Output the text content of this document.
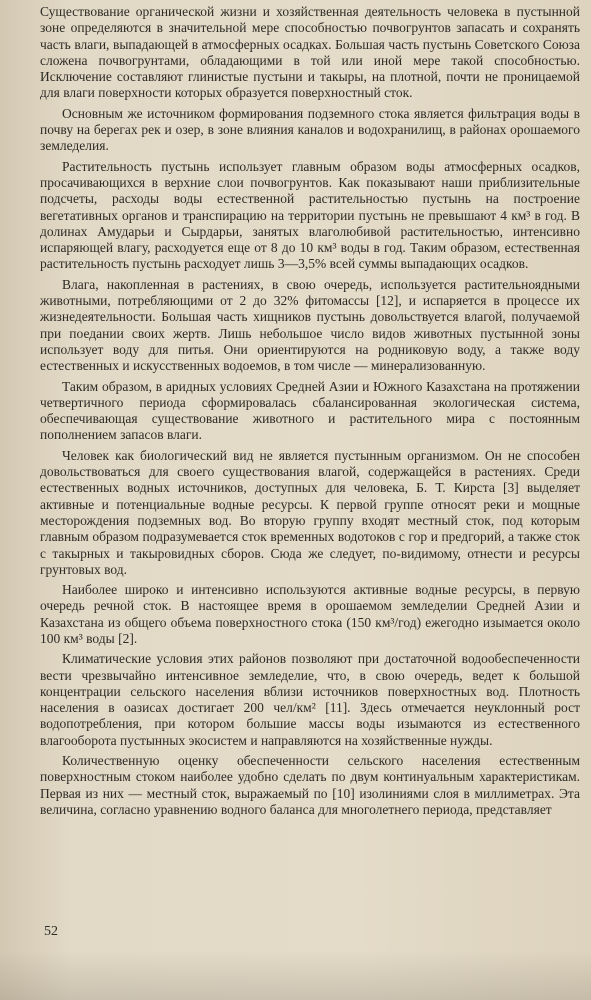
Существование органической жизни и хозяйственная деятельность человека в пустынной зоне определяются в значительной мере способностью почвогрунтов запасать и сохранять часть влаги, выпадающей в атмосферных осадках. Большая часть пустынь Советского Союза сложена почвогрунтами, обладающими в той или иной мере такой способностью. Исключение составляют глинистые пустыни и такыры, на плотной, почти не проницаемой для влаги поверхности которых образуется поверхностный сток.

Основным же источником формирования подземного стока является фильтрация воды в почву на берегах рек и озер, в зоне влияния каналов и водохранилищ, в районах орошаемого земледелия.

Растительность пустынь использует главным образом воды атмосферных осадков, просачивающихся в верхние слои почвогрунтов. Как показывают наши приблизительные подсчеты, расходы воды естественной растительностью пустынь на построение вегетативных органов и транспирацию на территории пустынь не превышают 4 км³ в год. В долинах Амударьи и Сырдарьи, занятых влаголюбивой растительностью, интенсивно испаряющей влагу, расходуется еще от 8 до 10 км³ воды в год. Таким образом, естественная растительность пустынь расходует лишь 3—3,5% всей суммы выпадающих осадков.

Влага, накопленная в растениях, в свою очередь, используется растительноядными животными, потребляющими от 2 до 32% фитомассы [12], и испаряется в процессе их жизнедеятельности. Большая часть хищников пустынь довольствуется влагой, получаемой при поедании своих жертв. Лишь небольшое число видов животных пустынной зоны использует воду для питья. Они ориентируются на родниковую воду, а также воду естественных и искусственных водоемов, в том числе — минерализованную.

Таким образом, в аридных условиях Средней Азии и Южного Казахстана на протяжении четвертичного периода сформировалась сбалансированная экологическая система, обеспечивающая существование животного и растительного мира с постоянным пополнением запасов влаги.

Человек как биологический вид не является пустынным организмом. Он не способен довольствоваться для своего существования влагой, содержащейся в растениях. Среди естественных водных источников, доступных для человека, Б. Т. Кирста [3] выделяет активные и потенциальные водные ресурсы. К первой группе относят реки и мощные месторождения подземных вод. Во вторую группу входят местный сток, под которым главным образом подразумевается сток временных водотоков с гор и предгорий, а также сток с такырных и такыровидных сборов. Сюда же следует, по-видимому, отнести и ресурсы грунтовых вод.

Наиболее широко и интенсивно используются активные водные ресурсы, в первую очередь речной сток. В настоящее время в орошаемом земледелии Средней Азии и Казахстана из общего объема поверхностного стока (150 км³/год) ежегодно изымается около 100 км³ воды [2].

Климатические условия этих районов позволяют при достаточной водообеспеченности вести чрезвычайно интенсивное земледелие, что, в свою очередь, ведет к большой концентрации сельского населения вблизи источников поверхностных вод. Плотность населения в оазисах достигает 200 чел/км² [11]. Здесь отмечается неуклонный рост водопотребления, при котором большие массы воды изымаются из естественного влагооборота пустынных экосистем и направляются на хозяйственные нужды.

Количественную оценку обеспеченности сельского населения естественным поверхностным стоком наиболее удобно сделать по двум континуальным характеристикам. Первая из них — местный сток, выражаемый по [10] изолиниями слоя в миллиметрах. Эта величина, согласно уравнению водного баланса для многолетнего периода, представляет

52
